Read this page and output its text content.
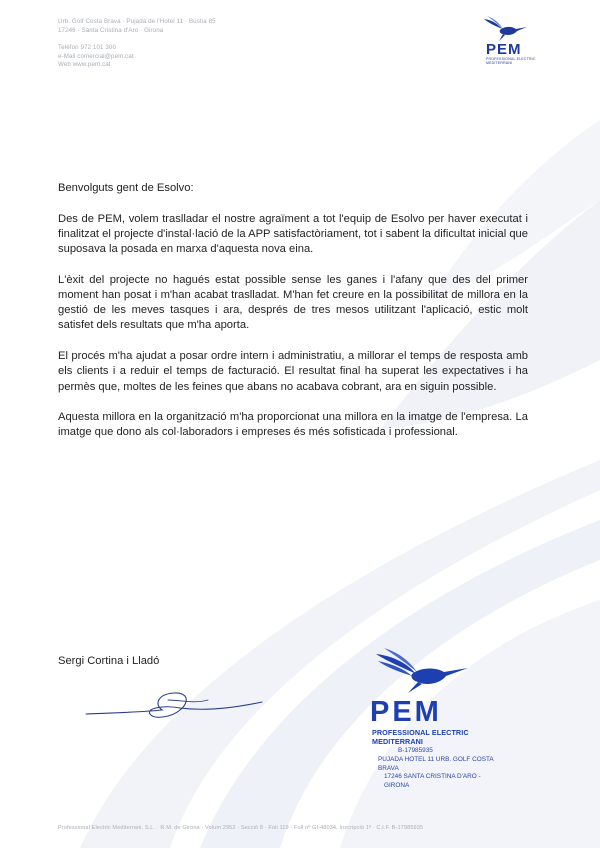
Urb. Golf Costa Brava · Pujada de l'Hotel 11 · Bústia 85
17246 · Santa Cristina d'Aro · Girona
Telèfon 972 101 300
e-Mail comercial@pem.cat
Web www.pem.cat
PEM
PROFESSIONAL ELECTRIC MEDITERRANI

Benvolguts gent de Esolvo:

Des de PEM, volem traslladar el nostre agraïment a tot l'equip de Esolvo per haver executat i finalitzat el projecte d'instal·lació de la APP satisfactòriament, tot i sabent la dificultat inicial que suposava la posada en marxa d'aquesta nova eina.

L'èxit del projecte no hagués estat possible sense les ganes i l'afany que des del primer moment han posat i m'han acabat traslladat. M'han fet creure en la possibilitat de millora en la gestió de les meves tasques i ara, després de tres mesos utilitzant l'aplicació, estic molt satisfet dels resultats que m'ha aporta.

El procés m'ha ajudat a posar ordre intern i administratiu, a millorar el temps de resposta amb els clients i a reduir el temps de facturació. El resultat final ha superat les expectatives i ha permès que, moltes de les feines que abans no acabava cobrant, ara en siguin possible.

Aquesta millora en la organització m'ha proporcionat una millora en la imatge de l'empresa. La imatge que dono als col·laboradors i empreses és més sofisticada i professional.

Sergi Cortina i Lladó
PEM
PROFESSIONAL ELECTRIC MEDITERRANI
B-17985935
PUJADA HOTEL 11 URB. GOLF COSTA BRAVA
17246 SANTA CRISTINA D'ARO - GIRONA
Professional Electric Mediterrani, S.L. · R.M. de Girona · Volum 2952 · Secció 8 · Foli 119 · Full nº GI-48034, Inscripció 1ª · C.I.F. B-17985935
